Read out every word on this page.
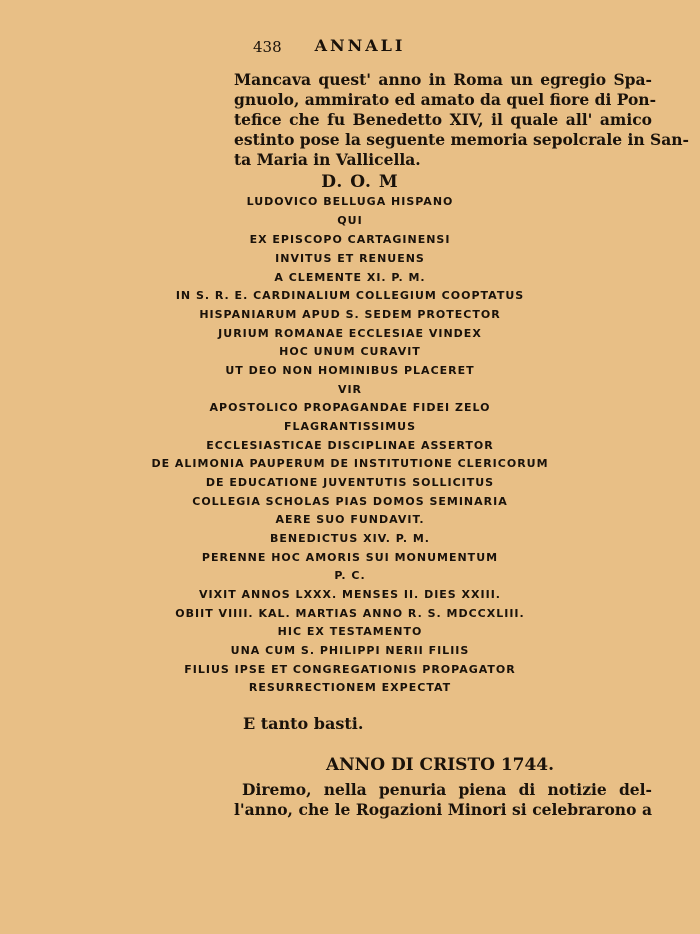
438	ANNALI
Mancava quest' anno in Roma un egregio Spa-
gnuolo, ammirato ed amato da quel fiore di Pon-
tefice che fu Benedetto XIV, il quale all' amico
estinto pose la seguente memoria sepolcrale in San-
ta Maria in Vallicella.
D. O. M
LUDOVICO BELLUGA HISPANO
QUI
EX EPISCOPO CARTAGINENSI
INVITUS ET RENUENS
A CLEMENTE XI. P. M.
IN S. R. E. CARDINALIUM COLLEGIUM COOPTATUS
HISPANIARUM APUD S. SEDEM PROTECTOR
JURIUM ROMANAE ECCLESIAE VINDEX
HOC UNUM CURAVIT
UT DEO NON HOMINIBUS PLACERET
VIR
APOSTOLICO PROPAGANDAE FIDEI ZELO
FLAGRANTISSIMUS
ECCLESIASTICAE DISCIPLINAE ASSERTOR
DE ALIMONIA PAUPERUM DE INSTITUTIONE CLERICORUM
DE EDUCATIONE JUVENTUTIS SOLLICITUS
COLLEGIA SCHOLAS PIAS DOMOS SEMINARIA
AERE SUO FUNDAVIT.
BENEDICTUS XIV. P. M.
PERENNE HOC AMORIS SUI MONUMENTUM
P. C.
VIXIT ANNOS LXXX. MENSES II. DIES XXIII.
OBIIT VIIII. KAL. MARTIAS ANNO R. S. MDCCXLIII.
HIC EX TESTAMENTO
UNA CUM S. PHILIPPI NERII FILIIS
FILIUS IPSE ET CONGREGATIONIS PROPAGATOR
RESURRECTIONEM EXPECTAT
E tanto basti.
ANNO DI CRISTO 1744.
Diremo, nella penuria piena di notizie del-
l'anno, che le Rogazioni Minori si celebrarono a
